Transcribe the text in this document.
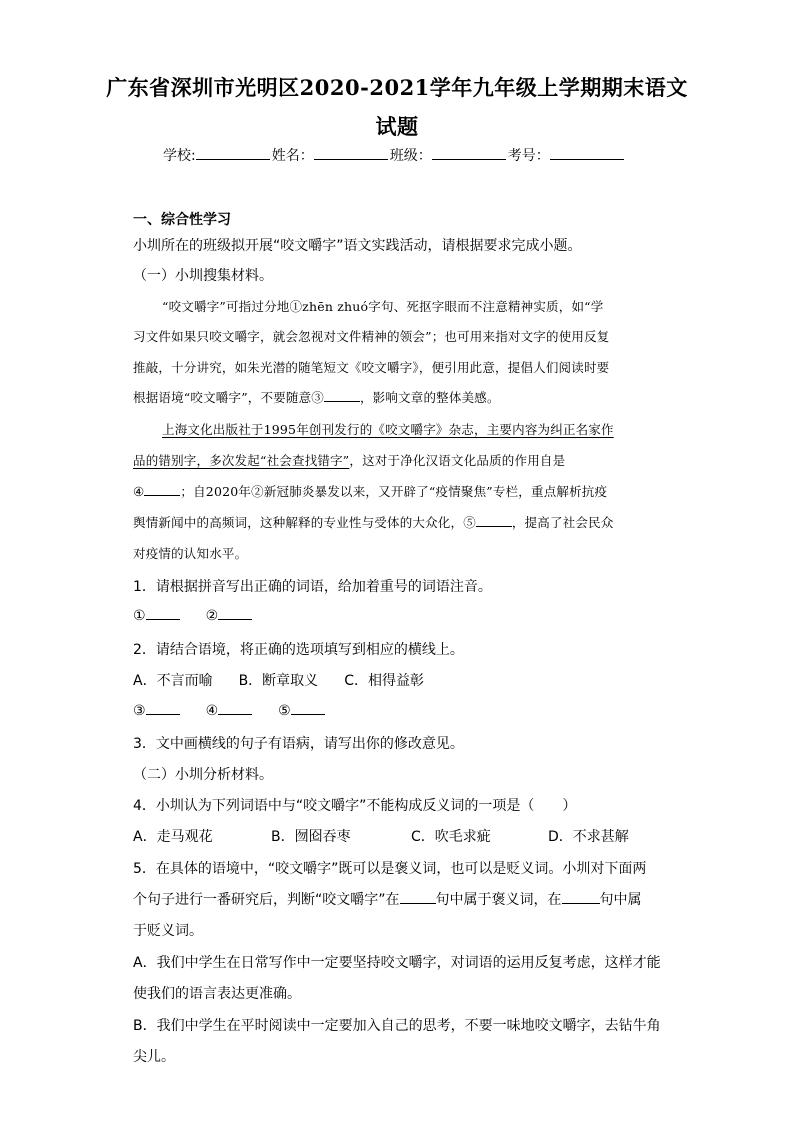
广东省深圳市光明区2020-2021学年九年级上学期期末语文
试题
学校:	姓名：	班级：	考号：
一、综合性学习
小圳所在的班级拟开展“咬文嚼字”语文实践活动，请根据要求完成小题。
（一）小圳搜集材料。
“咬文嚼字”可指过分地①zhēn zhuó字句、死抠字眼而不注意精神实质，如“学
习文件如果只咬文嚼字，就会忽视对文件精神的领会”；也可用来指对文字的使用反复
推敲，十分讲究，如朱光潜的随笔短文《咬文嚼字》，便引用此意，提倡人们阅读时要
根据语境“咬文嚼字”，不要随意③	，影响文章的整体美感。
上海文化出版社于1995年创刊发行的《咬文嚼字》杂志，主要内容为纠正名家作
品的错别字，多次发起“社会查找错字”，这对于净化汉语文化品质的作用自是
④	；自2020年②新冠肺炎暴发以来，又开辟了“疫情聚焦”专栏，重点解析抗疫
舆情新闻中的高频词，这种解释的专业性与受体的大众化，⑤	，提高了社会民众
对疫情的认知水平。
1．请根据拼音写出正确的词语，给加着重号的词语注音。
①	②
2．请结合语境，将正确的选项填写到相应的横线上。
A．不言而喻 B．断章取义 C．相得益彰
③	④	⑤
3．文中画横线的句子有语病，请写出你的修改意见。
（二）小圳分析材料。
4．小圳认为下列词语中与“咬文嚼字”不能构成反义词的一项是（　　）
A．走马观花	B．囫囵吞枣	C．吹毛求疵	D．不求甚解
5．在具体的语境中，“咬文嚼字”既可以是褒义词，也可以是贬义词。小圳对下面两
个句子进行一番研究后，判断“咬文嚼字”在	句中属于褒义词，在	句中属
于贬义词。
A．我们中学生在日常写作中一定要坚持咬文嚼字，对词语的运用反复考虑，这样才能
使我们的语言表达更准确。
B．我们中学生在平时阅读中一定要加入自己的思考，不要一味地咬文嚼字，去钻牛角
尖儿。
